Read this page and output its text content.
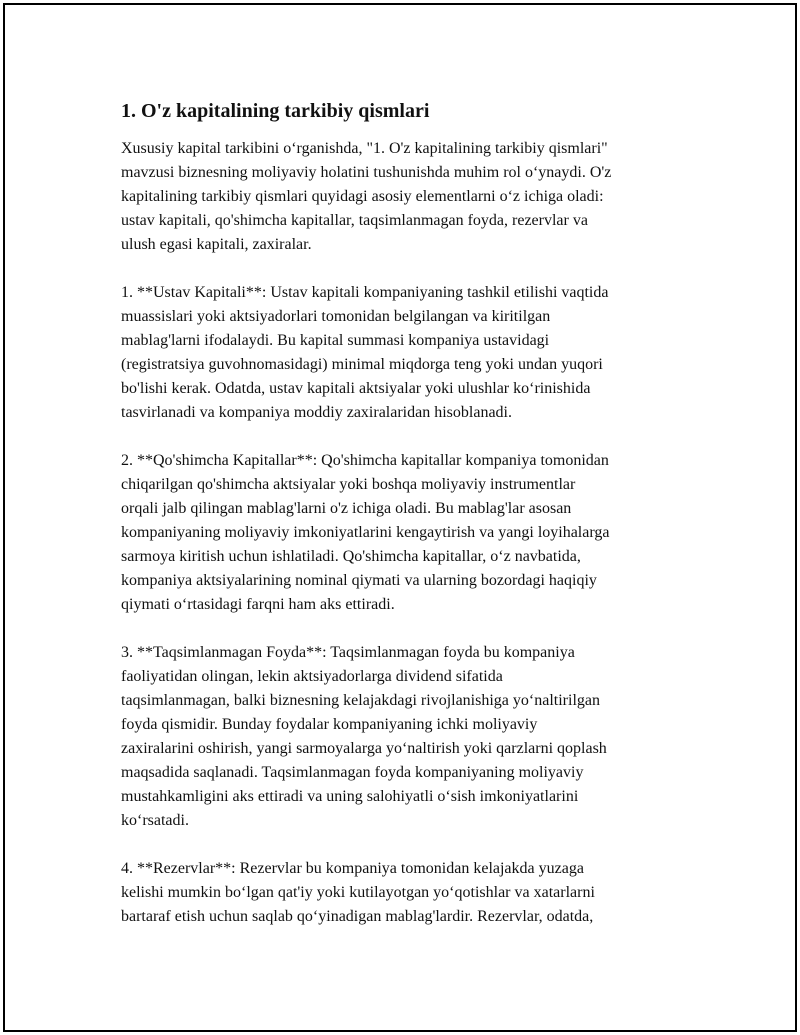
1. O'z kapitalining tarkibiy qismlari

Xususiy kapital tarkibini oʻrganishda, "1. O'z kapitalining tarkibiy qismlari"
mavzusi biznesning moliyaviy holatini tushunishda muhim rol oʻynaydi. O'z
kapitalining tarkibiy qismlari quyidagi asosiy elementlarni oʻz ichiga oladi:
ustav kapitali, qo'shimcha kapitallar, taqsimlanmagan foyda, rezervlar va
ulush egasi kapitali, zaxiralar.

1. **Ustav Kapitali**: Ustav kapitali kompaniyaning tashkil etilishi vaqtida
muassislari yoki aktsiyadorlari tomonidan belgilangan va kiritilgan
mablag'larni ifodalaydi. Bu kapital summasi kompaniya ustavidagi
(registratsiya guvohnomasidagi) minimal miqdorga teng yoki undan yuqori
bo'lishi kerak. Odatda, ustav kapitali aktsiyalar yoki ulushlar koʻrinishida
tasvirlanadi va kompaniya moddiy zaxiralaridan hisoblanadi.

2. **Qo'shimcha Kapitallar**: Qo'shimcha kapitallar kompaniya tomonidan
chiqarilgan qo'shimcha aktsiyalar yoki boshqa moliyaviy instrumentlar
orqali jalb qilingan mablag'larni o'z ichiga oladi. Bu mablag'lar asosan
kompaniyaning moliyaviy imkoniyatlarini kengaytirish va yangi loyihalarga
sarmoya kiritish uchun ishlatiladi. Qo'shimcha kapitallar, oʻz navbatida,
kompaniya aktsiyalarining nominal qiymati va ularning bozordagi haqiqiy
qiymati oʻrtasidagi farqni ham aks ettiradi.

3. **Taqsimlanmagan Foyda**: Taqsimlanmagan foyda bu kompaniya
faoliyatidan olingan, lekin aktsiyadorlarga dividend sifatida
taqsimlanmagan, balki biznesning kelajakdagi rivojlanishiga yoʻnaltirilgan
foyda qismidir. Bunday foydalar kompaniyaning ichki moliyaviy
zaxiralarini oshirish, yangi sarmoyalarga yoʻnaltirish yoki qarzlarni qoplash
maqsadida saqlanadi. Taqsimlanmagan foyda kompaniyaning moliyaviy
mustahkamligini aks ettiradi va uning salohiyatli oʻsish imkoniyatlarini
koʻrsatadi.

4. **Rezervlar**: Rezervlar bu kompaniya tomonidan kelajakda yuzaga
kelishi mumkin boʻlgan qat'iy yoki kutilayotgan yoʻqotishlar va xatarlarni
bartaraf etish uchun saqlab qoʻyinadigan mablag'lardir. Rezervlar, odatda,
